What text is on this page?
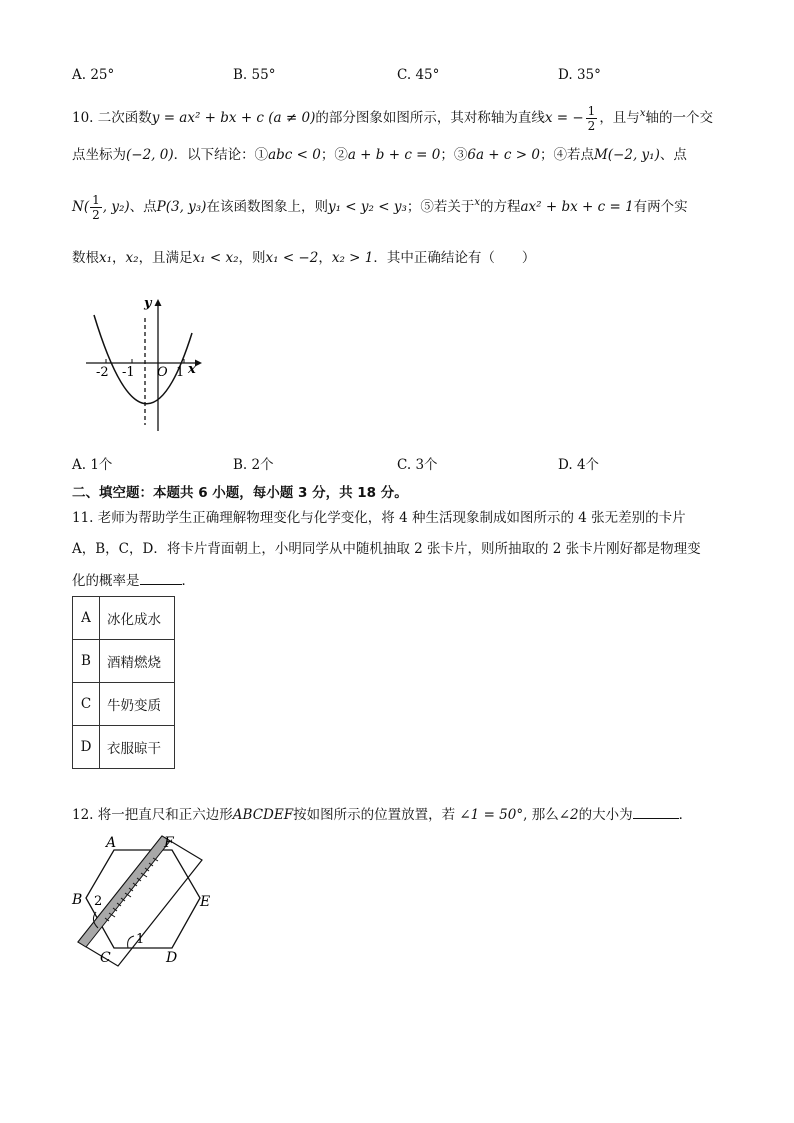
A. 25°	B. 55°	C. 45°	D. 35°
10. 二次函数y = ax² + bx + c (a ≠ 0)的部分图象如图所示，其对称轴为直线x = − $\frac{1}{2}$ ，且与$^x$轴的一个交
点坐标为(−2, 0)．以下结论：①abc < 0；②a + b + c = 0；③6a + c > 0；④若点M(−2, y₁)、点
$N( \frac{1}{2}$ , y₂)、点P(3, y₃)在该函数图象上，则y₁ < y₂ < y₃；⑤若关于$^x$的方程ax² + bx + c = 1有两个实
数根x₁，x₂，且满足x₁ < x₂，则x₁ < −2，x₂ > 1．其中正确结论有（　　）
-2 -1	1
O x
y
A. 1个	B. 2个	C. 3个	D. 4个
二、填空题：本题共 6 小题，每小题 3 分，共 18 分。
11. 老师为帮助学生正确理解物理变化与化学变化，将 4 种生活现象制成如图所示的 4 张无差别的卡片
A，B，C，D．将卡片背面朝上，小明同学从中随机抽取 2 张卡片，则所抽取的 2 张卡片刚好都是物理变
化的概率是	．
A	冰化成水
B	酒精燃烧
C	牛奶变质
D	衣服晾干
12. 将一把直尺和正六边形ABCDEF按如图所示的位置放置，若 ∠1 = 50°, 那么∠2的大小为	．
A	F
B	E
C	D
2
1
